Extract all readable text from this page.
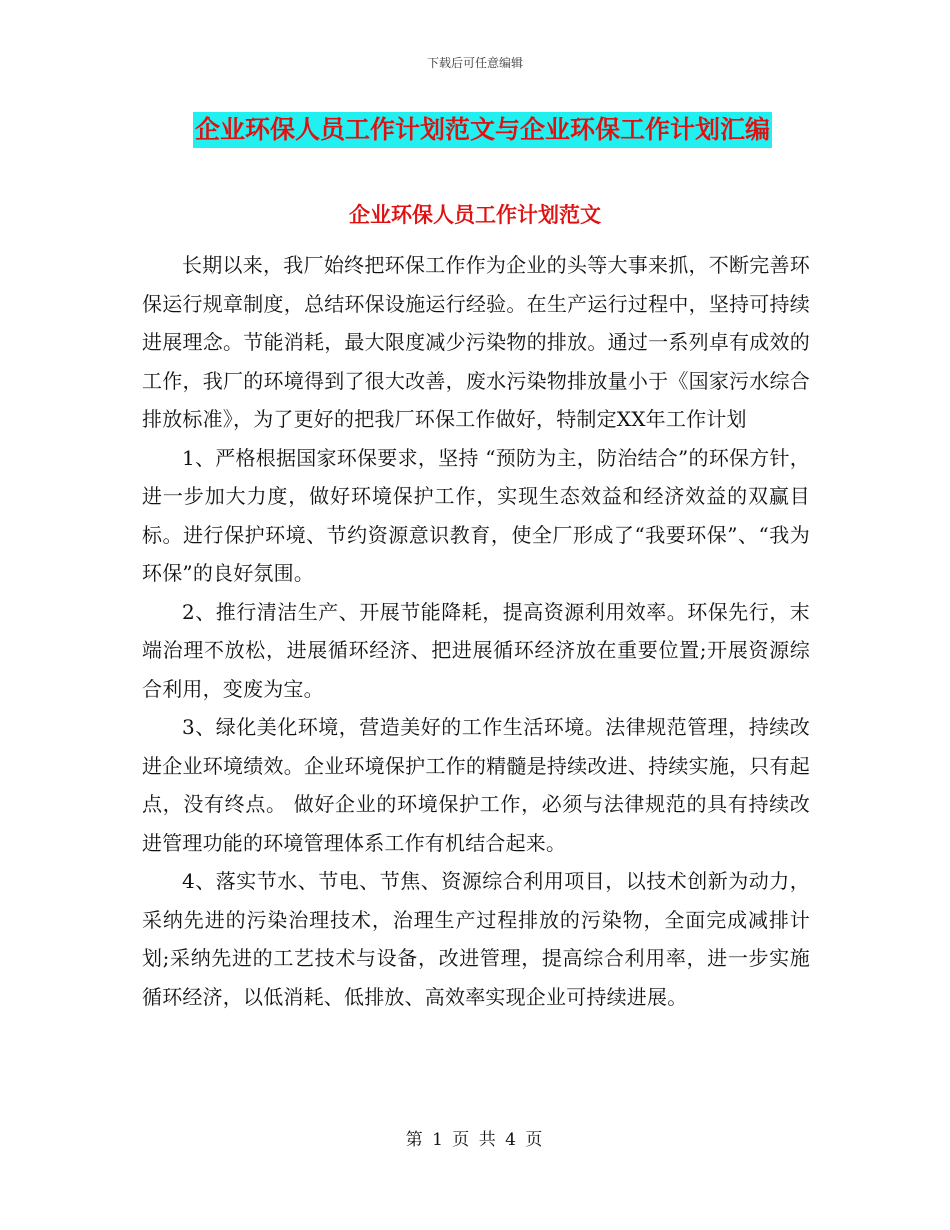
下载后可任意编辑
企业环保人员工作计划范文与企业环保工作计划汇编
企业环保人员工作计划范文

长期以来，我厂始终把环保工作作为企业的头等大事来抓，不断完善环保运行规章制度，总结环保设施运行经验。在生产运行过程中，坚持可持续进展理念。节能消耗，最大限度减少污染物的排放。通过一系列卓有成效的工作，我厂的环境得到了很大改善，废水污染物排放量小于《国家污水综合排放标准》，为了更好的把我厂环保工作做好，特制定XX年工作计划

1、严格根据国家环保要求，坚持 “预防为主，防治结合”的环保方针，进一步加大力度，做好环境保护工作，实现生态效益和经济效益的双赢目标。进行保护环境、节约资源意识教育，使全厂形成了“我要环保”、“我为环保”的良好氛围。

2、推行清洁生产、开展节能降耗，提高资源利用效率。环保先行，末端治理不放松，进展循环经济、把进展循环经济放在重要位置;开展资源综合利用，变废为宝。

3、绿化美化环境，营造美好的工作生活环境。法律规范管理，持续改进企业环境绩效。企业环境保护工作的精髓是持续改进、持续实施，只有起点，没有终点。 做好企业的环境保护工作，必须与法律规范的具有持续改进管理功能的环境管理体系工作有机结合起来。

4、落实节水、节电、节焦、资源综合利用项目，以技术创新为动力，采纳先进的污染治理技术，治理生产过程排放的污染物，全面完成减排计划;采纳先进的工艺技术与设备，改进管理，提高综合利用率，进一步实施循环经济，以低消耗、低排放、高效率实现企业可持续进展。

第 1 页 共 4 页
